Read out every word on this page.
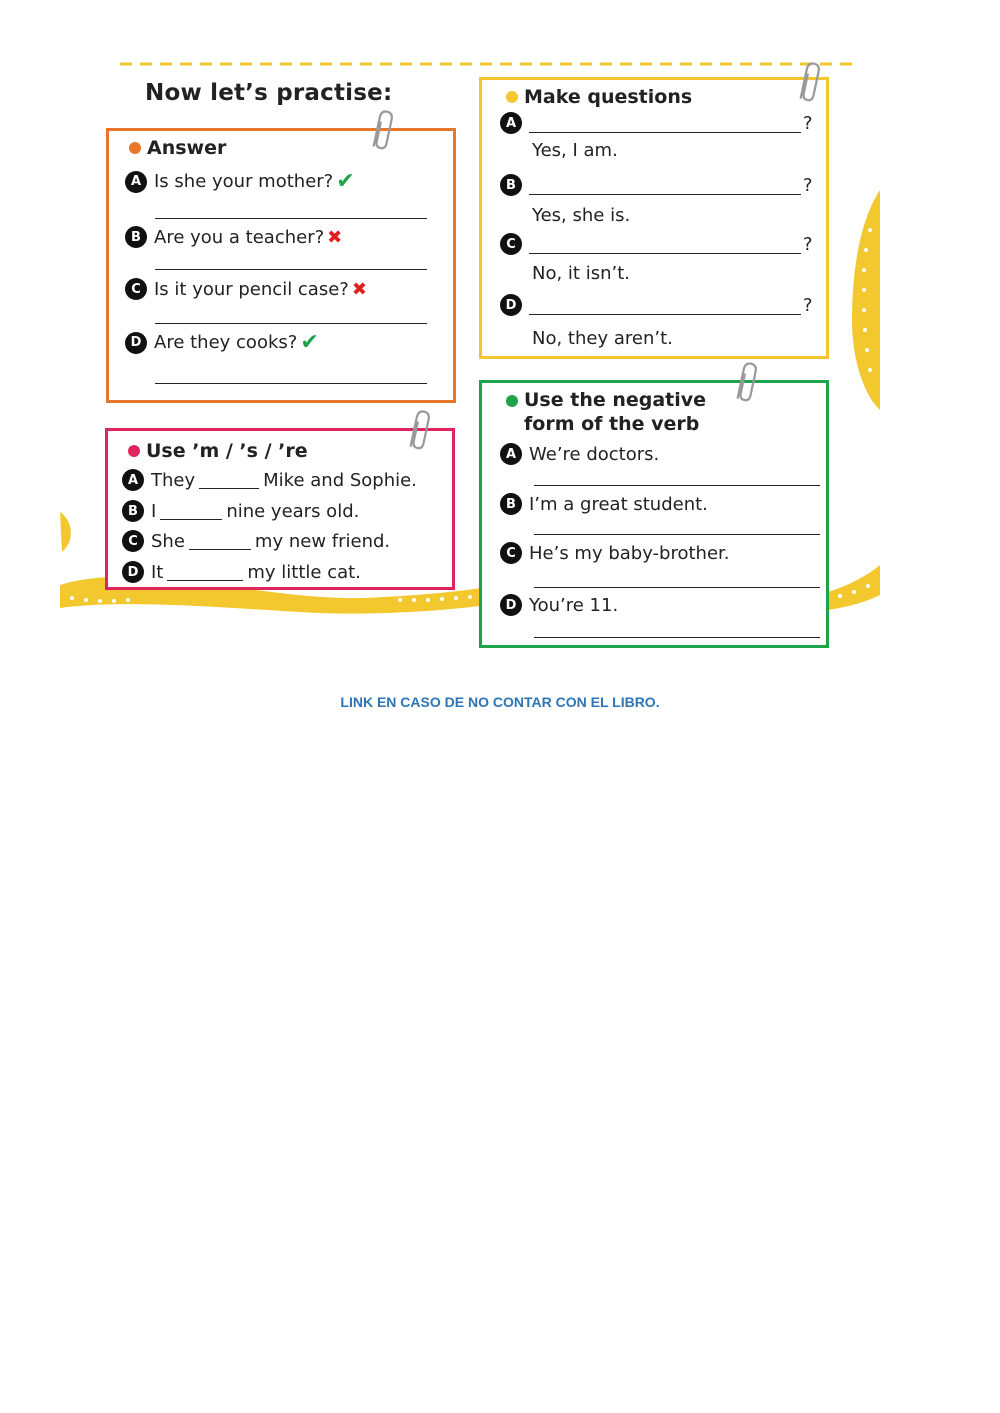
Now let’s practise:
Answer
A Is she your mother? ✔
B Are you a teacher? ✖
C Is it your pencil case? ✖
D Are they cooks? ✔
Make questions
A	?
Yes, I am.
B	?
Yes, she is.
C	?
No, it isn’t.
D	?
No, they aren’t.
Use ’m / ’s / ’re
A They	Mike and Sophie.
B I	nine years old.
C She	my new friend.
D It	my little cat.
Use the negative
form of the verb
A We’re doctors.
B I’m a great student.
C He’s my baby-brother.
D You’re 11.
LINK EN CASO DE NO CONTAR CON EL LIBRO.
